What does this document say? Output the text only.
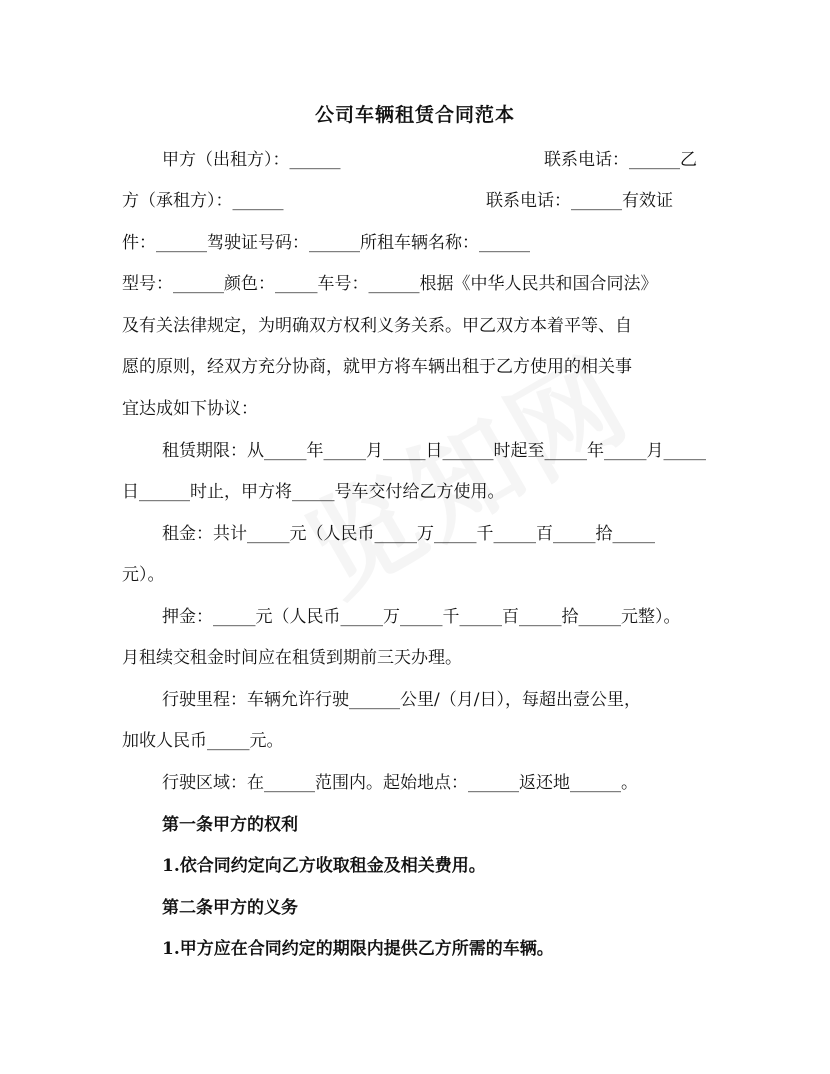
公司车辆租赁合同范本
甲方（出租方）：______	联系电话：______乙
方（承租方）：______	联系电话：______有效证
件：______驾驶证号码：______所租车辆名称：______
型号：______颜色：_____车号：______根据《中华人民共和国合同法》
及有关法律规定，为明确双方权利义务关系。甲乙双方本着平等、自
愿的原则，经双方充分协商，就甲方将车辆出租于乙方使用的相关事
宜达成如下协议：
租赁期限：从_____年_____月_____日______时起至_____年_____月_____
日______时止，甲方将_____号车交付给乙方使用。
租金：共计_____元（人民币_____万_____千_____百_____拾_____
元）。
押金：_____元（人民币_____万_____千_____百_____拾_____元整）。
月租续交租金时间应在租赁到期前三天办理。
行驶里程：车辆允许行驶______公里/（月/日），每超出壹公里，
加收人民币_____元。
行驶区域：在______范围内。起始地点：______返还地______。
第一条甲方的权利
1.依合同约定向乙方收取租金及相关费用。
第二条甲方的义务
1.甲方应在合同约定的期限内提供乙方所需的车辆。
